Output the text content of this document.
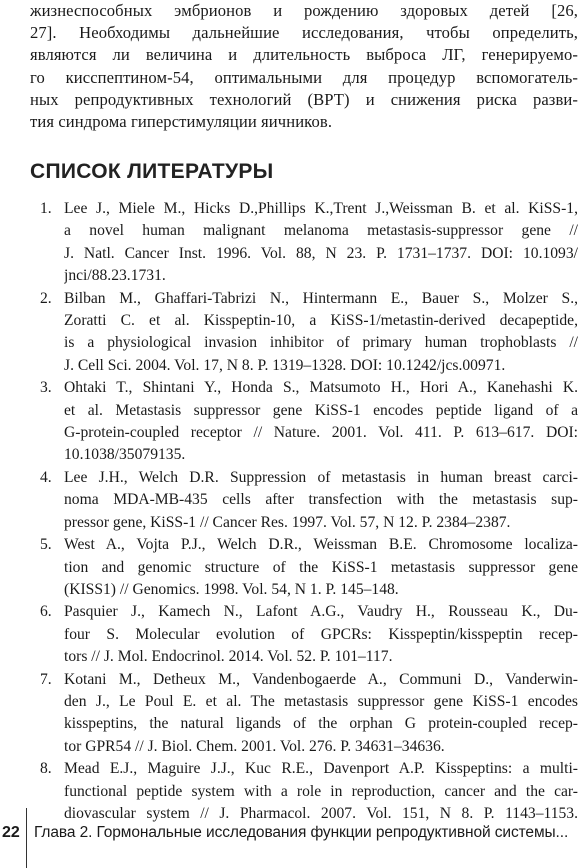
жизнеспособных эмбрионов и рождению здоровых детей [26,
27]. Необходимы дальнейшие исследования, чтобы определить,
являются ли величина и длительность выброса ЛГ, генерируемо-
го кисспептином-54, оптимальными для процедур вспомогатель-
ных репродуктивных технологий (ВРТ) и снижения риска разви-
тия синдрома гиперстимуляции яичников.
СПИСОК ЛИТЕРАТУРЫ
1. Lee J., Miele M., Hicks D.,Phillips K.,Trent J.,Weissman B. et al. KiSS-1,
a novel human malignant melanoma metastasis-suppressor gene //
J. Natl. Cancer Inst. 1996. Vol. 88, N 23. P. 1731–1737. DOI: 10.1093/
jnci/88.23.1731.
2. Bilban M., Ghaffari-Tabrizi N., Hintermann E., Bauer S., Molzer S.,
Zoratti C. et al. Kisspeptin-10, a KiSS-1/metastin-derived decapeptide,
is a physiological invasion inhibitor of primary human trophoblasts //
J. Cell Sci. 2004. Vol. 17, N 8. P. 1319–1328. DOI: 10.1242/jcs.00971.
3. Ohtaki T., Shintani Y., Honda S., Matsumoto H., Hori A., Kanehashi K.
et al. Metastasis suppressor gene KiSS-1 encodes peptide ligand of a
G-protein-coupled receptor // Nature. 2001. Vol. 411. P. 613–617. DOI:
10.1038/35079135.
4. Lee J.H., Welch D.R. Suppression of metastasis in human breast carci-
noma MDA-MB-435 cells after transfection with the metastasis sup-
pressor gene, KiSS-1 // Cancer Res. 1997. Vol. 57, N 12. P. 2384–2387.
5. West A., Vojta P.J., Welch D.R., Weissman B.E. Chromosome localiza-
tion and genomic structure of the KiSS-1 metastasis suppressor gene
(KISS1) // Genomics. 1998. Vol. 54, N 1. P. 145–148.
6. Pasquier J., Kamech N., Lafont A.G., Vaudry H., Rousseau K., Du-
four S. Molecular evolution of GPCRs: Kisspeptin/kisspeptin recep-
tors // J. Mol. Endocrinol. 2014. Vol. 52. P. 101–117.
7. Kotani M., Detheux M., Vandenbogaerde A., Communi D., Vanderwin-
den J., Le Poul E. et al. The metastasis suppressor gene KiSS-1 encodes
kisspeptins, the natural ligands of the orphan G protein-coupled recep-
tor GPR54 // J. Biol. Chem. 2001. Vol. 276. P. 34631–34636.
8. Mead E.J., Maguire J.J., Kuc R.E., Davenport A.P. Kisspeptins: a multi-
functional peptide system with a role in reproduction, cancer and the car-
diovascular system // J. Pharmacol. 2007. Vol. 151, N 8. P. 1143–1153.
22 Глава 2. Гормональные исследования функции репродуктивной системы...
